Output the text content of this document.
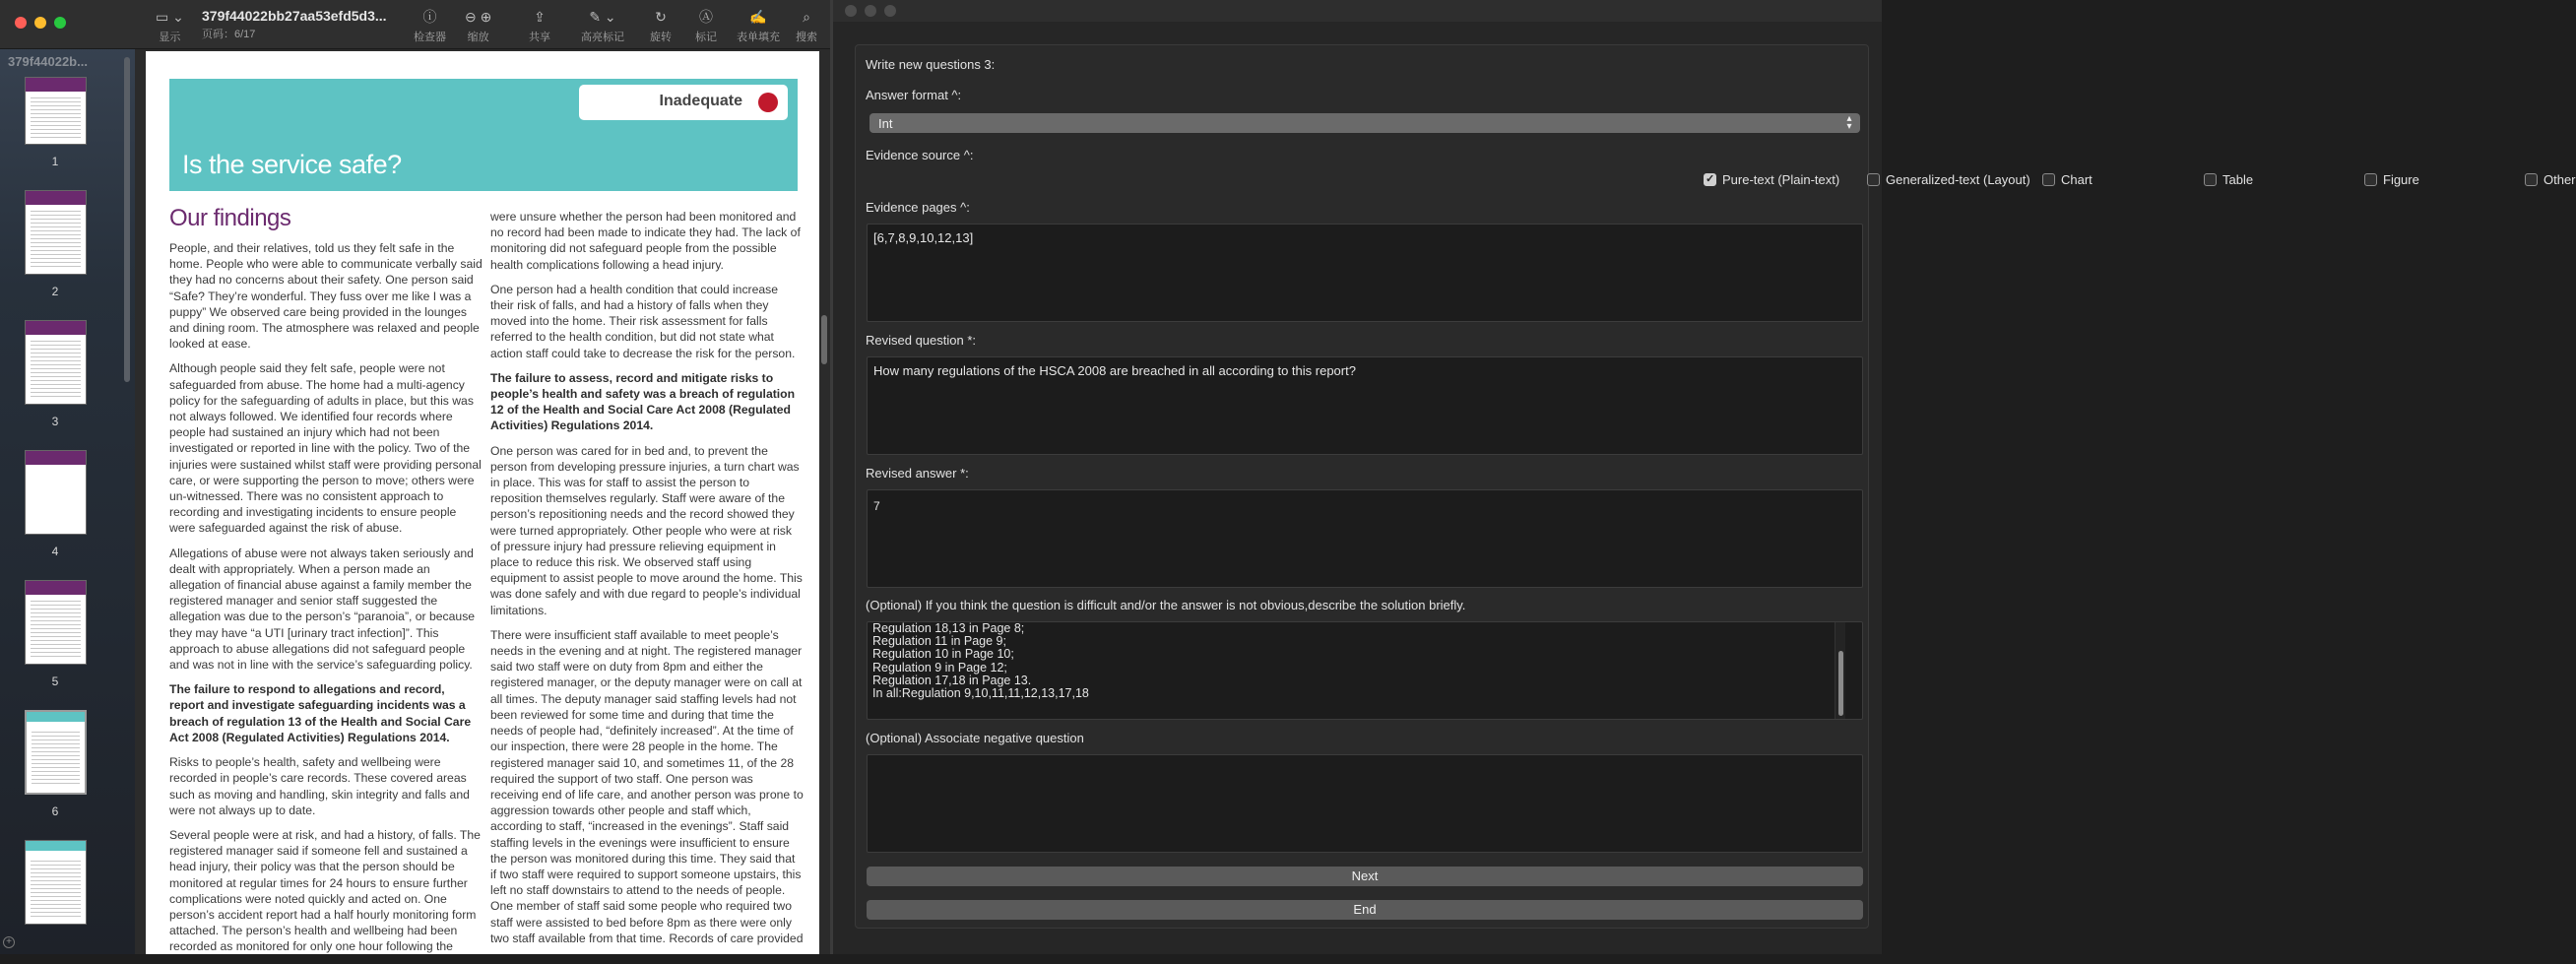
379f44022b...
1
2
3
4
5
6
+
▭ ⌄
显示
379f44022bb27aa53efd5d3...
页码：6/17
ⓘ
检查器
⊖ ⊕
缩放
⇪
共享
✎ ⌄
高亮标记
↻
旋转
Ⓐ
标记
✍
表单填充
⌕
搜索
Inadequate
Is the service safe?
Our findings

People, and their relatives, told us they felt safe in the home. People who were able to communicate verbally said they had no concerns about their safety. One person said “Safe? They’re wonderful. They fuss over me like I was a puppy” We observed care being provided in the lounges and dining room. The atmosphere was relaxed and people looked at ease.

Although people said they felt safe, people were not safeguarded from abuse. The home had a multi-agency policy for the safeguarding of adults in place, but this was not always followed. We identified four records where people had sustained an injury which had not been investigated or reported in line with the policy. Two of the injuries were sustained whilst staff were providing personal care, or were supporting the person to move; others were un-witnessed. There was no consistent approach to recording and investigating incidents to ensure people were safeguarded against the risk of abuse.

Allegations of abuse were not always taken seriously and dealt with appropriately. When a person made an allegation of financial abuse against a family member the registered manager and senior staff suggested the allegation was due to the person’s “paranoia”, or because they may have “a UTI [urinary tract infection]”. This approach to abuse allegations did not safeguard people and was not in line with the service’s safeguarding policy.

The failure to respond to allegations and record, report and investigate safeguarding incidents was a breach of regulation 13 of the Health and Social Care Act 2008 (Regulated Activities) Regulations 2014.

Risks to people’s health, safety and wellbeing were recorded in people’s care records. These covered areas such as moving and handling, skin integrity and falls and were not always up to date.

Several people were at risk, and had a history, of falls. The registered manager said if someone fell and sustained a head injury, their policy was that the person should be monitored at regular times for 24 hours to ensure further complications were noted quickly and acted on. One person’s accident report had a half hourly monitoring form attached. The person’s health and wellbeing had been recorded as monitored for only one hour following the

were unsure whether the person had been monitored and no record had been made to indicate they had. The lack of monitoring did not safeguard people from the possible health complications following a head injury.

One person had a health condition that could increase their risk of falls, and had a history of falls when they moved into the home. Their risk assessment for falls referred to the health condition, but did not state what action staff could take to decrease the risk for the person.

The failure to assess, record and mitigate risks to people’s health and safety was a breach of regulation 12 of the Health and Social Care Act 2008 (Regulated Activities) Regulations 2014.

One person was cared for in bed and, to prevent the person from developing pressure injuries, a turn chart was in place. This was for staff to assist the person to reposition themselves regularly. Staff were aware of the person’s repositioning needs and the record showed they were turned appropriately. Other people who were at risk of pressure injury had pressure relieving equipment in place to reduce this risk. We observed staff using equipment to assist people to move around the home. This was done safely and with due regard to people’s individual limitations.

There were insufficient staff available to meet people’s needs in the evening and at night. The registered manager said two staff were on duty from 8pm and either the registered manager, or the deputy manager were on call at all times. The deputy manager said staffing levels had not been reviewed for some time and during that time the needs of people had, “definitely increased”. At the time of our inspection, there were 28 people in the home. The registered manager said 10, and sometimes 11, of the 28 required the support of two staff. One person was receiving end of life care, and another person was prone to aggression towards other people and staff which, according to staff, “increased in the evenings”. Staff said staffing levels in the evenings were insufficient to ensure the person was monitored during this time. They said that if two staff were required to support someone upstairs, this left no staff downstairs to attend to the needs of people. One member of staff said some people who required two staff were assisted to bed before 8pm as there were only two staff available from that time. Records of care provided

Write new questions 3:
Answer format ^:
Int	▴
▾
Evidence source ^:
✓
Pure-text (Plain-text)	Generalized-text (Layout) Chart	Table	Figure	Other
Evidence pages ^:
[6,7,8,9,10,12,13]
Revised question *:
How many regulations of the HSCA 2008 are breached in all according to this report?
Revised answer *:
7
(Optional) If you think the question is difficult and/or the answer is not obvious,describe the solution briefly.
Regulation 18,13 in Page 8;
Regulation 11 in Page 9;
Regulation 10 in Page 10;
Regulation 9 in Page 12;
Regulation 17,18 in Page 13.
In all:Regulation 9,10,11,11,12,13,17,18
(Optional) Associate negative question
Next
End
